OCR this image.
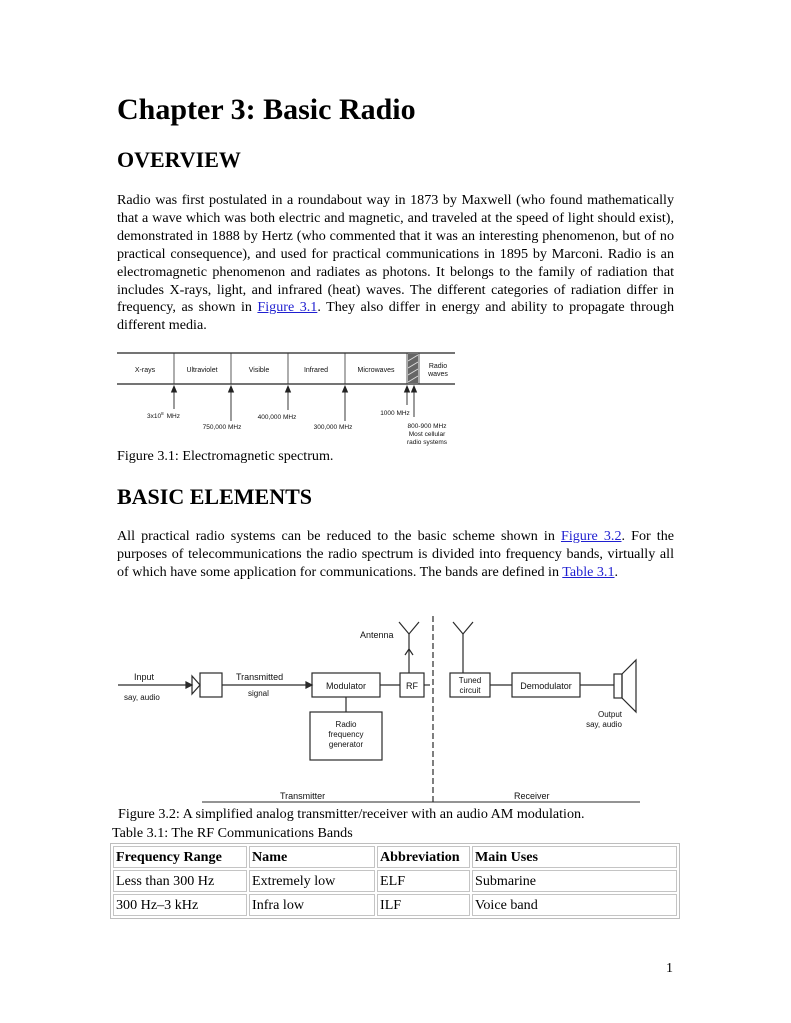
Chapter 3: Basic Radio
OVERVIEW

Radio was first postulated in a roundabout way in 1873 by Maxwell (who found mathematically that a wave which was both electric and magnetic, and traveled at the speed of light should exist), demonstrated in 1888 by Hertz (who commented that it was an interesting phenomenon, but of no practical consequence), and used for practical communications in 1895 by Marconi. Radio is an electromagnetic phenomenon and radiates as photons. It belongs to the family of radiation that includes X-rays, light, and infrared (heat) waves. The different categories of radiation differ in frequency, as shown in Figure 3.1. They also differ in energy and ability to propagate through different media.

X-rays	Ultraviolet	Visible	Infrared	Microwaves
Radio
waves
$3x10^8$ MHz
750,000 MHz
400,000 MHz
300,000 MHz
1000 MHz
800-900 MHz
Most cellular
radio systems

Figure 3.1: Electromagnetic spectrum.

BASIC ELEMENTS

All practical radio systems can be reduced to the basic scheme shown in Figure 3.2. For the purposes of telecommunications the radio spectrum is divided into frequency bands, virtually all of which have some application for communications. The bands are defined in Table 3.1.

Antenna
Input
say, audio
Transmitted
signal
Modulator	RF
Radio
frequency
generator
Tuned
circuit	Demodulator
Output
say, audio
Transmitter	Receiver

Figure 3.2: A simplified analog transmitter/receiver with an audio AM modulation.

Table 3.1: The RF Communications Bands

Frequency Range	Name	Abbreviation	Main Uses
Less than 300 Hz	Extremely low	ELF	Submarine
300 Hz–3 kHz	Infra low	ILF	Voice band
1
